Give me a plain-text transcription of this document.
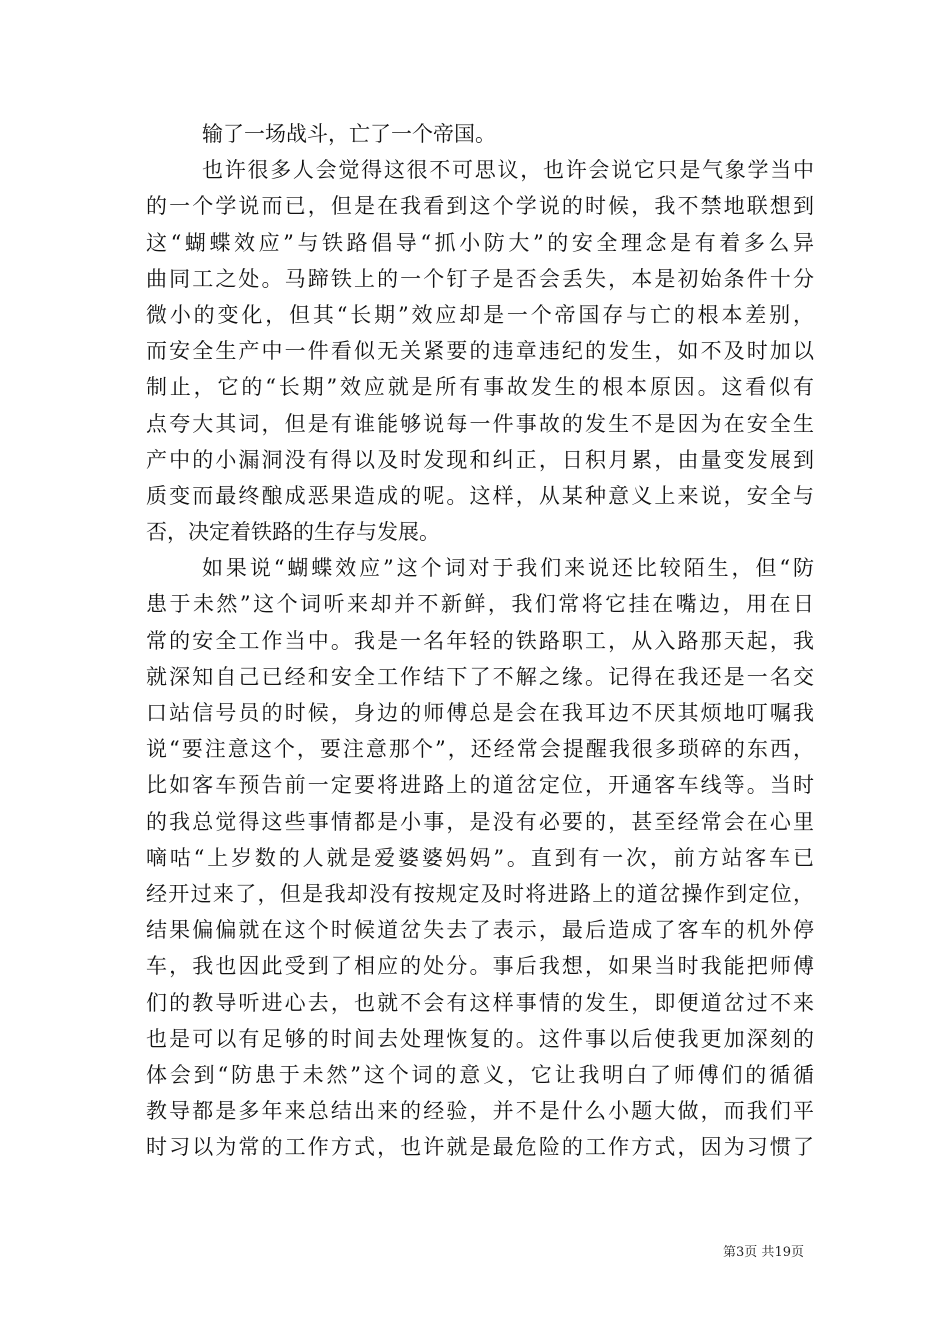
输了一场战斗，亡了一个帝国。
也许很多人会觉得这很不可思议，也许会说它只是气象学当中
的一个学说而已，但是在我看到这个学说的时候，我不禁地联想到
这“蝴蝶效应”与铁路倡导“抓小防大”的安全理念是有着多么异
曲同工之处。马蹄铁上的一个钉子是否会丢失，本是初始条件十分
微小的变化，但其“长期”效应却是一个帝国存与亡的根本差别，
而安全生产中一件看似无关紧要的违章违纪的发生，如不及时加以
制止，它的“长期”效应就是所有事故发生的根本原因。这看似有
点夸大其词，但是有谁能够说每一件事故的发生不是因为在安全生
产中的小漏洞没有得以及时发现和纠正，日积月累，由量变发展到
质变而最终酿成恶果造成的呢。这样，从某种意义上来说，安全与
否，决定着铁路的生存与发展。
如果说“蝴蝶效应”这个词对于我们来说还比较陌生，但“防
患于未然”这个词听来却并不新鲜，我们常将它挂在嘴边，用在日
常的安全工作当中。我是一名年轻的铁路职工，从入路那天起，我
就深知自己已经和安全工作结下了不解之缘。记得在我还是一名交
口站信号员的时候，身边的师傅总是会在我耳边不厌其烦地叮嘱我
说“要注意这个，要注意那个”，还经常会提醒我很多琐碎的东西，
比如客车预告前一定要将进路上的道岔定位，开通客车线等。当时
的我总觉得这些事情都是小事，是没有必要的，甚至经常会在心里
嘀咕“上岁数的人就是爱婆婆妈妈”。直到有一次，前方站客车已
经开过来了，但是我却没有按规定及时将进路上的道岔操作到定位，
结果偏偏就在这个时候道岔失去了表示，最后造成了客车的机外停
车，我也因此受到了相应的处分。事后我想，如果当时我能把师傅
们的教导听进心去，也就不会有这样事情的发生，即便道岔过不来
也是可以有足够的时间去处理恢复的。这件事以后使我更加深刻的
体会到“防患于未然”这个词的意义，它让我明白了师傅们的循循
教导都是多年来总结出来的经验，并不是什么小题大做，而我们平
时习以为常的工作方式，也许就是最危险的工作方式，因为习惯了
第3页 共19页
